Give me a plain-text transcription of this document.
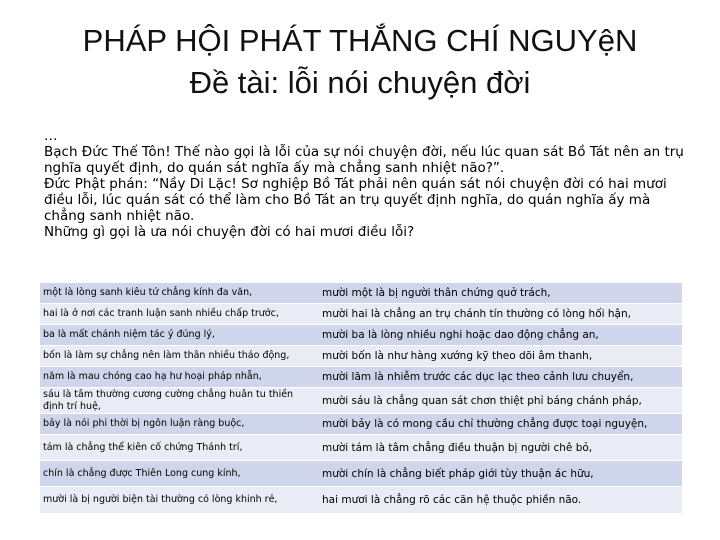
PHÁP HỘI PHÁT THẮNG CHÍ NGUYệN
Đề tài: lỗi nói chuyện đời

…

Bạch Đức Thế Tôn! Thế nào gọi là lỗi của sự nói chuyện đời, nếu lúc quan sát Bồ Tát nên an trụ nghĩa quyết định, do quán sát nghĩa ấy mà chẳng sanh nhiệt não?”.

Đức Phật phán: “Nầy Di Lặc! Sơ nghiệp Bồ Tát phải nên quán sát nói chuyện đời có hai mươi điều lỗi, lúc quán sát có thể làm cho Bồ Tát an trụ quyết định nghĩa, do quán nghĩa ấy mà chẳng sanh nhiệt não.

Những gì gọi là ưa nói chuyện đời có hai mươi điều lỗi?

một là lòng sanh kiêu tứ chẳng kính đa văn,	mười một là bị người thân chứng quở trách,
hai là ở nơi các tranh luận sanh nhiều chấp trước,	mười hai là chẳng an trụ chánh tín thường có lòng hối hận,
ba là mất chánh niệm tác ý đúng lý,	mười ba là lòng nhiều nghi hoặc dao động chẳng an,
bốn là làm sự chẳng nên làm thân nhiều tháo động,	mười bốn là như hàng xướng kỹ theo dõi âm thanh,
năm là mau chóng cao hạ hư hoại pháp nhẫn,	mười lăm là nhiễm trước các dục lạc theo cảnh lưu chuyển,
sáu là tâm thường cương cường chẳng huân tu thiền định trí huệ,	mười sáu là chẳng quan sát chơn thiệt phỉ báng chánh pháp,
bảy là nói phi thời bị ngôn luận ràng buộc,	mười bảy là có mong cầu chỉ thường chẳng được toại nguyện,
tám là chẳng thể kiên cố chứng Thánh trí,	mười tám là tâm chẳng điều thuận bị người chê bỏ,
chín là chẳng được Thiên Long cung kính,	mười chín là chẳng biết pháp giới tùy thuận ác hữu,
mười là bị người biện tài thường có lòng khinh rẻ,	hai mươi là chẳng rõ các căn hệ thuộc phiền não.
